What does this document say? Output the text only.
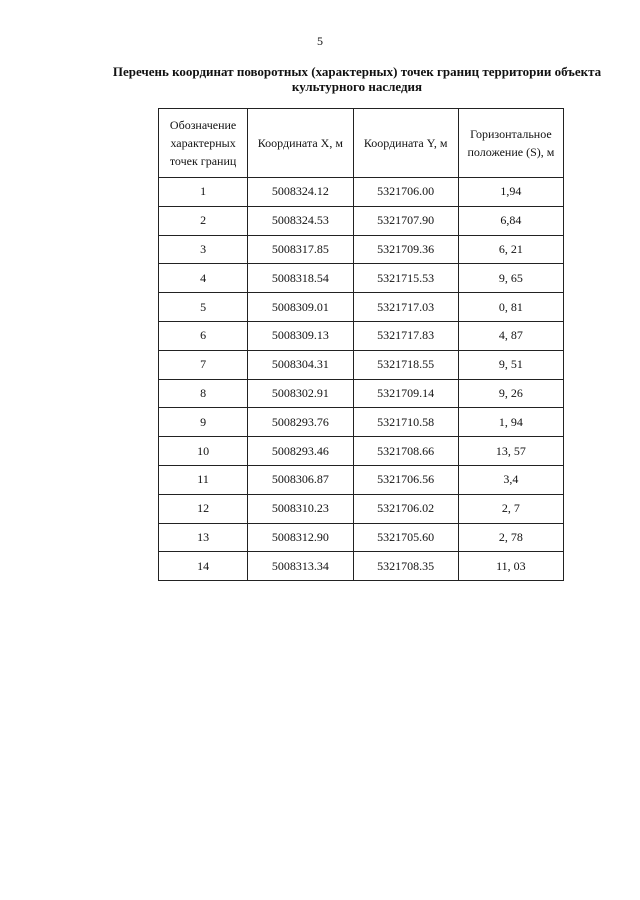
5
Перечень координат поворотных (характерных) точек границ территории объекта
культурного наследия
Обозначение характерных точек границ	Координата X, м	Координата Y, м	Горизонтальное положение (S), м
1	5008324.12	5321706.00	1,94
2	5008324.53	5321707.90	6,84
3	5008317.85	5321709.36	6, 21
4	5008318.54	5321715.53	9, 65
5	5008309.01	5321717.03	0, 81
6	5008309.13	5321717.83	4, 87
7	5008304.31	5321718.55	9, 51
8	5008302.91	5321709.14	9, 26
9	5008293.76	5321710.58	1, 94
10	5008293.46	5321708.66	13, 57
11	5008306.87	5321706.56	3,4
12	5008310.23	5321706.02	2, 7
13	5008312.90	5321705.60	2, 78
14	5008313.34	5321708.35	11, 03
